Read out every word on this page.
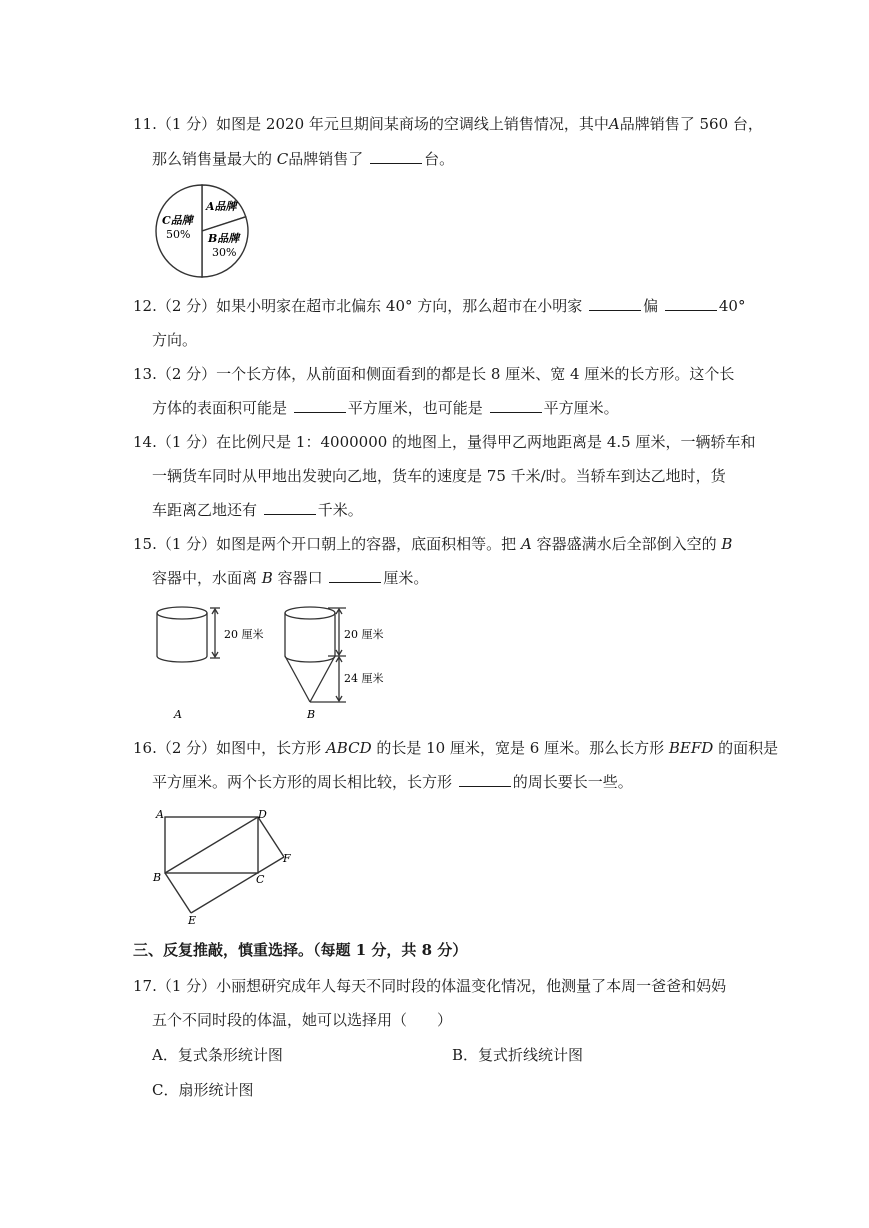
11.（1 分）如图是 2020 年元旦期间某商场的空调线上销售情况，其中A品牌销售了 560 台，
那么销售量最大的 C品牌销售了	台。
C品牌
50%
A品牌
B品牌
30%
12.（2 分）如果小明家在超市北偏东 40° 方向，那么超市在小明家	偏	40°
方向。
13.（2 分）一个长方体，从前面和侧面看到的都是长 8 厘米、宽 4 厘米的长方形。这个长
方体的表面积可能是	平方厘米，也可能是	平方厘米。
14.（1 分）在比例尺是 1：4000000 的地图上，量得甲乙两地距离是 4.5 厘米，一辆轿车和
一辆货车同时从甲地出发驶向乙地，货车的速度是 75 千米/时。当轿车到达乙地时，货
车距离乙地还有	千米。
15.（1 分）如图是两个开口朝上的容器，底面积相等。把 A 容器盛满水后全部倒入空的 B
容器中，水面离 B 容器口	厘米。
20 厘米
A
20 厘米
24 厘米
B
16.（2 分）如图中，长方形 ABCD 的长是 10 厘米，宽是 6 厘米。那么长方形 BEFD 的面积是
平方厘米。两个长方形的周长相比较，长方形	的周长要长一些。
A	D
B	C
F
E
三、反复推敲，慎重选择。（每题 1 分，共 8 分）
17.（1 分）小丽想研究成年人每天不同时段的体温变化情况，他测量了本周一爸爸和妈妈
五个不同时段的体温，她可以选择用（　　）
A．复式条形统计图	B．复式折线统计图
C．扇形统计图
